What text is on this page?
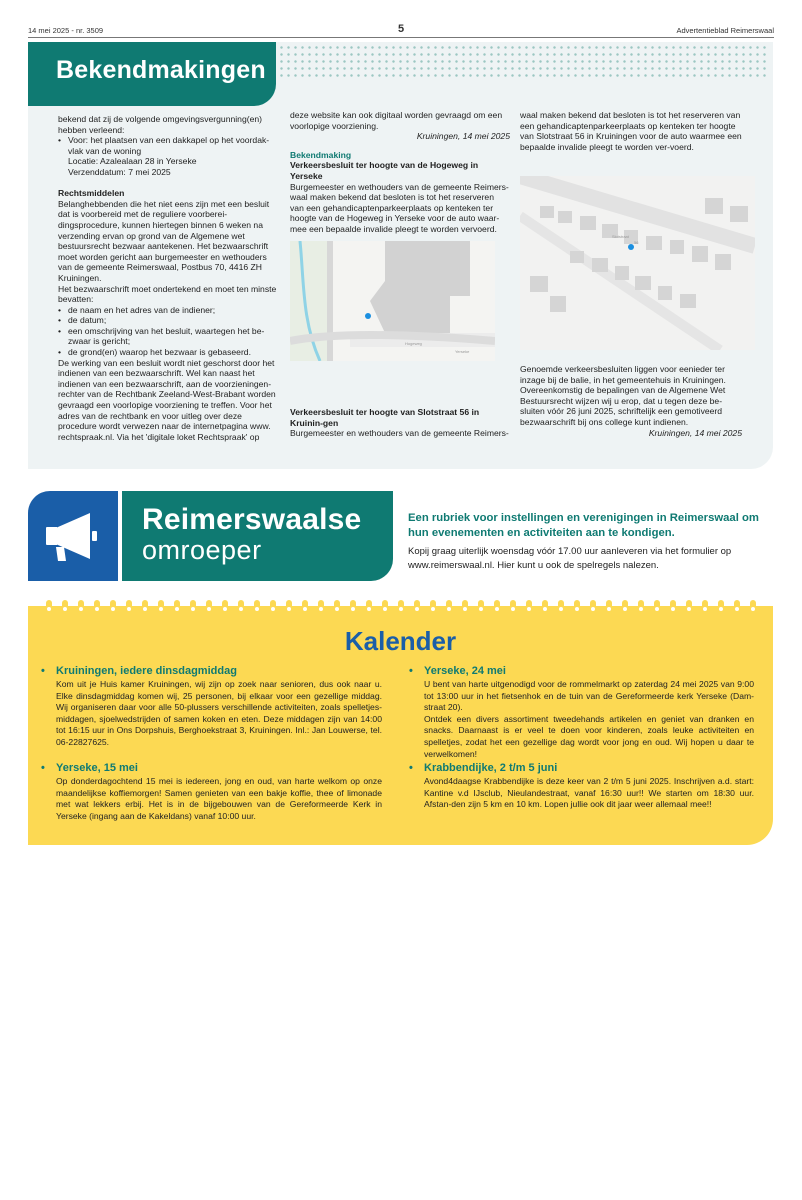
14 mei 2025 - nr. 3509	5	Advertentieblad Reimerswaal
Bekendmakingen

bekend dat zij de volgende omgevingsvergunning(en) hebben verleend:

• Voor: het plaatsen van een dakkapel op het voordak-vlak van de woning

Locatie: Azalealaan 28 in Yerseke

Verzenddatum: 7 mei 2025

Rechtsmiddelen

Belanghebbenden die het niet eens zijn met een besluit dat is voorbereid met de reguliere voorberei-dingsprocedure, kunnen hiertegen binnen 6 weken na verzending ervan op grond van de Algemene wet bestuursrecht bezwaar aantekenen. Het bezwaarschrift moet worden gericht aan burgemeester en wethouders van de gemeente Reimerswaal, Postbus 70, 4416 ZH Kruiningen.

Het bezwaarschrift moet ondertekend en moet ten minste bevatten:

• de naam en het adres van de indiener;
• de datum;
• een omschrijving van het besluit, waartegen het be-zwaar is gericht;
• de grond(en) waarop het bezwaar is gebaseerd.

De werking van een besluit wordt niet geschorst door het indienen van een bezwaarschrift. Wel kan naast het indienen van een bezwaarschrift, aan de voorzieningen-rechter van de Rechtbank Zeeland-West-Brabant worden gevraagd een voorlopige voorziening te treffen. Voor het adres van de rechtbank en voor uitleg over deze procedure wordt verwezen naar de internetpagina www. rechtspraak.nl. Via het 'digitale loket Rechtspraak' op

deze website kan ook digitaal worden gevraagd om een voorlopige voorziening.

Kruiningen, 14 mei 2025

Bekendmaking

Verkeersbesluit ter hoogte van de Hogeweg in Yerseke

Burgemeester en wethouders van de gemeente Reimers-waal maken bekend dat besloten is tot het reserveren van een gehandicaptenparkeerplaats op kenteken ter hoogte van de Hogeweg in Yerseke voor de auto waar-mee een bepaalde invalide pleegt te worden vervoerd.

Hogeweg
Yerseke

Verkeersbesluit ter hoogte van Slotstraat 56 in Kruinin-gen

Burgemeester en wethouders van de gemeente Reimers-

waal maken bekend dat besloten is tot het reserveren van een gehandicaptenparkeerplaats op kenteken ter hoogte van Slotstraat 56 in Kruiningen voor de auto waarmee een bepaalde invalide pleegt te worden ver-voerd.

Slotstraat
56

Genoemde verkeersbesluiten liggen voor eenieder ter inzage bij de balie, in het gemeentehuis in Kruiningen. Overeenkomstig de bepalingen van de Algemene Wet Bestuursrecht wijzen wij u erop, dat u tegen deze be-sluiten vóór 26 juni 2025, schriftelijk een gemotiveerd bezwaarschrift bij ons college kunt indienen.

Kruiningen, 14 mei 2025

Reimerswaalse
omroeper

Een rubriek voor instellingen en verenigingen in Reimerswaal om hun evenementen en activiteiten aan te kondigen.

Kopij graag uiterlijk woensdag vóór 17.00 uur aanleveren via het formulier op www.reimerswaal.nl. Hier kunt u ook de spelregels nalezen.

Kalender
• Kruiningen, iedere dinsdagmiddag

Kom uit je Huis kamer Kruiningen, wij zijn op zoek naar senioren, dus ook naar u. Elke dinsdagmiddag komen wij, 25 personen, bij elkaar voor een gezellige middag. Wij organiseren daar voor alle 50-plussers verschillende activiteiten, zoals spelletjes-middagen, sjoelwedstrijden of samen koken en eten. Deze middagen zijn van 14:00 tot 16:15 uur in Ons Dorpshuis, Berghoekstraat 3, Kruiningen. Inl.: Jan Louwerse, tel. 06-22827625.

• Yerseke, 15 mei

Op donderdagochtend 15 mei is iedereen, jong en oud, van harte welkom op onze maandelijkse koffiemorgen! Samen genieten van een bakje koffie, thee of limonade met wat lekkers erbij. Het is in de bijgebouwen van de Gereformeerde Kerk in Yerseke (ingang aan de Kakeldans) vanaf 10:00 uur.

• Yerseke, 24 mei

U bent van harte uitgenodigd voor de rommelmarkt op zaterdag 24 mei 2025 van 9:00 tot 13:00 uur in het fietsenhok en de tuin van de Gereformeerde kerk Yerseke (Dam-straat 20).

Ontdek een divers assortiment tweedehands artikelen en geniet van dranken en snacks. Daarnaast is er veel te doen voor kinderen, zoals leuke activiteiten en spelletjes, zodat het een gezellige dag wordt voor jong en oud. Wij hopen u daar te verwelkomen!

• Krabbendijke, 2 t/m 5 juni

Avond4daagse Krabbendijke is deze keer van 2 t/m 5 juni 2025. Inschrijven a.d. start: Kantine v.d IJsclub, Nieulandestraat, vanaf 16:30 uur!! We starten om 18:30 uur. Afstan-den zijn 5 km en 10 km. Lopen jullie ook dit jaar weer allemaal mee!!
